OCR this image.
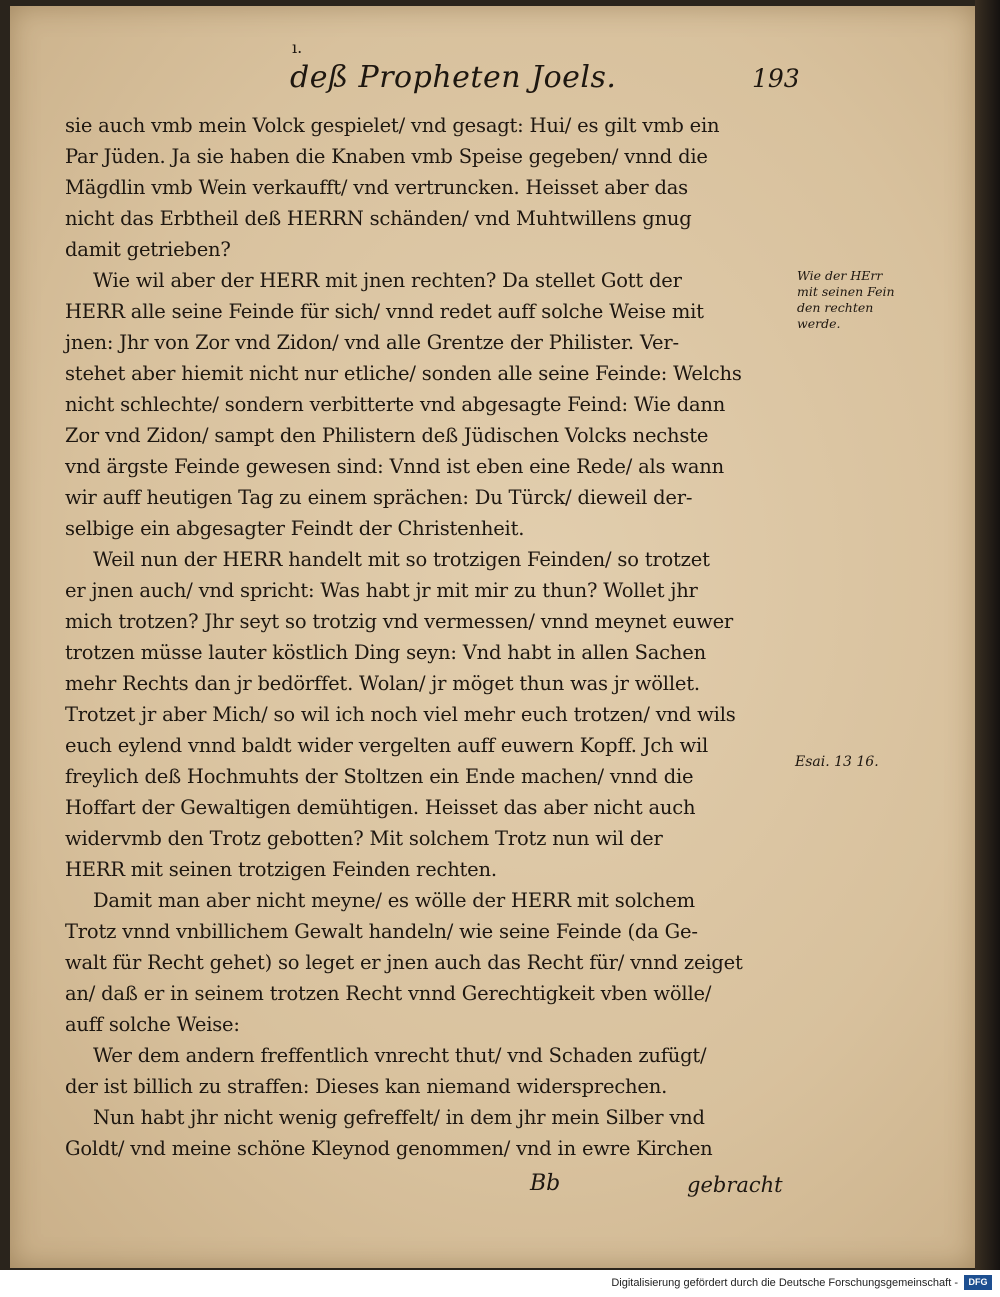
ı.
deß Propheten Joels.	193
sie auch vmb mein Volck gespielet/ vnd gesagt: Hui/ es gilt vmb ein
Par Jüden. Ja sie haben die Knaben vmb Speise gegeben/ vnnd die
Mägdlin vmb Wein verkaufft/ vnd vertruncken. Heisset aber das
nicht das Erbtheil deß HERRN schänden/ vnd Muhtwillens gnug
damit getrieben?
Wie wil aber der HERR mit jnen rechten? Da stellet Gott der
HERR alle seine Feinde für sich/ vnnd redet auff solche Weise mit
jnen: Jhr von Zor vnd Zidon/ vnd alle Grentze der Philister. Ver-
stehet aber hiemit nicht nur etliche/ sonden alle seine Feinde: Welchs
nicht schlechte/ sondern verbitterte vnd abgesagte Feind: Wie dann
Zor vnd Zidon/ sampt den Philistern deß Jüdischen Volcks nechste
vnd ärgste Feinde gewesen sind: Vnnd ist eben eine Rede/ als wann
wir auff heutigen Tag zu einem sprächen: Du Türck/ dieweil der-
selbige ein abgesagter Feindt der Christenheit.
Weil nun der HERR handelt mit so trotzigen Feinden/ so trotzet
er jnen auch/ vnd spricht: Was habt jr mit mir zu thun? Wollet jhr
mich trotzen? Jhr seyt so trotzig vnd vermessen/ vnnd meynet euwer
trotzen müsse lauter köstlich Ding seyn: Vnd habt in allen Sachen
mehr Rechts dan jr bedörffet. Wolan/ jr möget thun was jr wöllet.
Trotzet jr aber Mich/ so wil ich noch viel mehr euch trotzen/ vnd wils
euch eylend vnnd baldt wider vergelten auff euwern Kopff. Jch wil
freylich deß Hochmuhts der Stoltzen ein Ende machen/ vnnd die
Hoffart der Gewaltigen demühtigen. Heisset das aber nicht auch
widervmb den Trotz gebotten? Mit solchem Trotz nun wil der
HERR mit seinen trotzigen Feinden rechten.
Damit man aber nicht meyne/ es wölle der HERR mit solchem
Trotz vnnd vnbillichem Gewalt handeln/ wie seine Feinde (da Ge-
walt für Recht gehet) so leget er jnen auch das Recht für/ vnnd zeiget
an/ daß er in seinem trotzen Recht vnnd Gerechtigkeit vben wölle/
auff solche Weise:
Wer dem andern freffentlich vnrecht thut/ vnd Schaden zufügt/
der ist billich zu straffen: Dieses kan niemand widersprechen.
Nun habt jhr nicht wenig gefreffelt/ in dem jhr mein Silber vnd
Goldt/ vnd meine schöne Kleynod genommen/ vnd in ewre Kirchen
Wie der HErr
mit seinen Fein
den rechten
werde.
Esai. 13 16.
Bb	gebracht
Digitalisierung gefördert durch die Deutsche Forschungsgemeinschaft -	DFG
